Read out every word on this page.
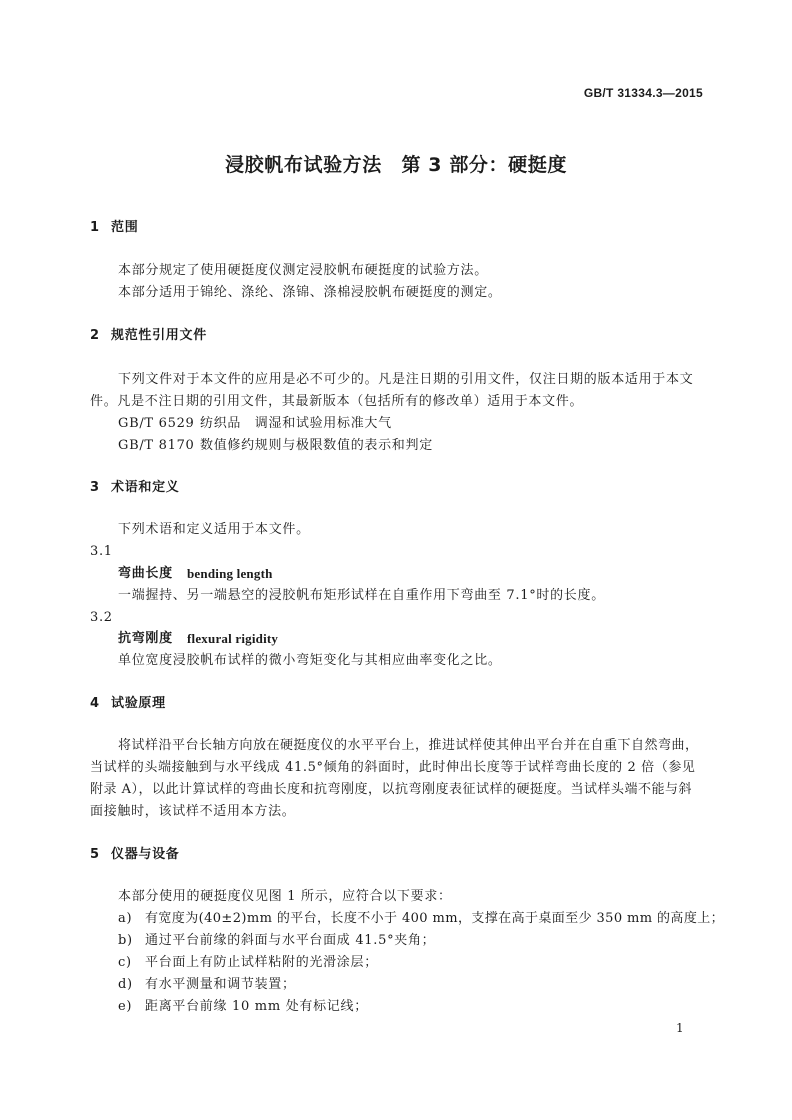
GB/T 31334.3—2015
浸胶帆布试验方法　第 3 部分：硬挺度
1 范围
本部分规定了使用硬挺度仪测定浸胶帆布硬挺度的试验方法。
本部分适用于锦纶、涤纶、涤锦、涤棉浸胶帆布硬挺度的测定。
2 规范性引用文件
下列文件对于本文件的应用是必不可少的。凡是注日期的引用文件，仅注日期的版本适用于本文
件。凡是不注日期的引用文件，其最新版本（包括所有的修改单）适用于本文件。
GB/T 6529 纺织品　调湿和试验用标准大气
GB/T 8170 数值修约规则与极限数值的表示和判定
3 术语和定义
下列术语和定义适用于本文件。
3.1
弯曲长度 bending length
一端握持、另一端悬空的浸胶帆布矩形试样在自重作用下弯曲至 7.1°时的长度。
3.2
抗弯刚度 flexural rigidity
单位宽度浸胶帆布试样的微小弯矩变化与其相应曲率变化之比。
4 试验原理
将试样沿平台长轴方向放在硬挺度仪的水平平台上，推进试样使其伸出平台并在自重下自然弯曲，
当试样的头端接触到与水平线成 41.5°倾角的斜面时，此时伸出长度等于试样弯曲长度的 2 倍（参见
附录 A），以此计算试样的弯曲长度和抗弯刚度，以抗弯刚度表征试样的硬挺度。当试样头端不能与斜
面接触时，该试样不适用本方法。
5 仪器与设备
本部分使用的硬挺度仪见图 1 所示，应符合以下要求：
a) 有宽度为(40±2)mm 的平台，长度不小于 400 mm，支撑在高于桌面至少 350 mm 的高度上；
b) 通过平台前缘的斜面与水平台面成 41.5°夹角；
c) 平台面上有防止试样粘附的光滑涂层；
d) 有水平测量和调节装置；
e) 距离平台前缘 10 mm 处有标记线；
1
